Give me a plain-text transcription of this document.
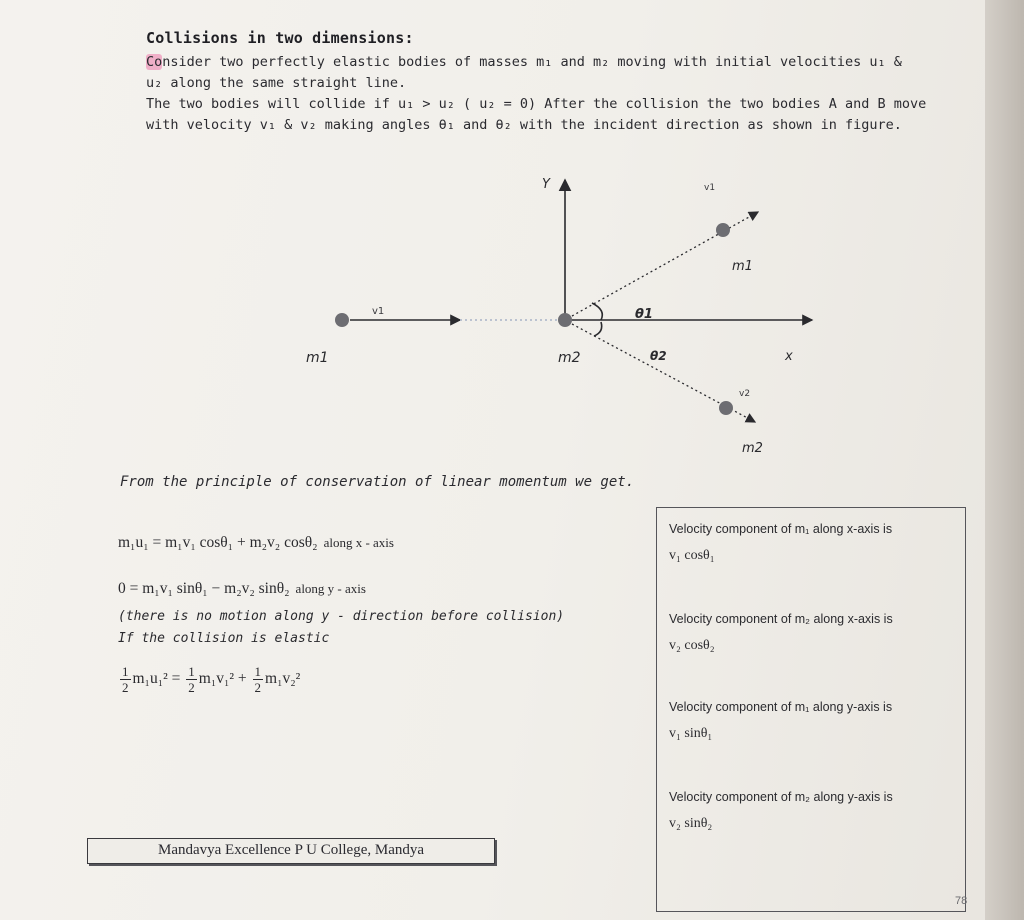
Collisions in two dimensions:

Consider two perfectly elastic bodies of masses m₁ and m₂ moving with initial velocities u₁ &

u₂ along the same straight line.

The two bodies will collide if u₁ > u₂ ( u₂ = 0) After the collision the two bodies A and B move

with velocity v₁ & v₂ making angles θ₁ and θ₂ with the incident direction as shown in figure.

Y
x
v1
m1	m2
v1
m1
v2
m2
θ1
θ2
From the principle of conservation of linear momentum we get.
m₁u₁ = m₁v₁ cosθ₁ + m₂v₂ cosθ₂ along x - axis
0 = m₁v₁ sinθ₁ − m₂v₂ sinθ₂ along y - axis
(there is no motion along y - direction before collision)
If the collision is elastic
$\frac{1}{2} m_1u_1^2 = \frac{1}{2} m_1v_1^2 + \frac{1}{2} m_1v_2^2$
Velocity component of m₁ along x-axis is
v₁ cosθ₁
Velocity component of m₂ along x-axis is
v₂ cosθ₂
Velocity component of m₁ along y-axis is
v₁ sinθ₁
Velocity component of m₂ along y-axis is
v₂ sinθ₂
Mandavya Excellence P U College, Mandya
78
